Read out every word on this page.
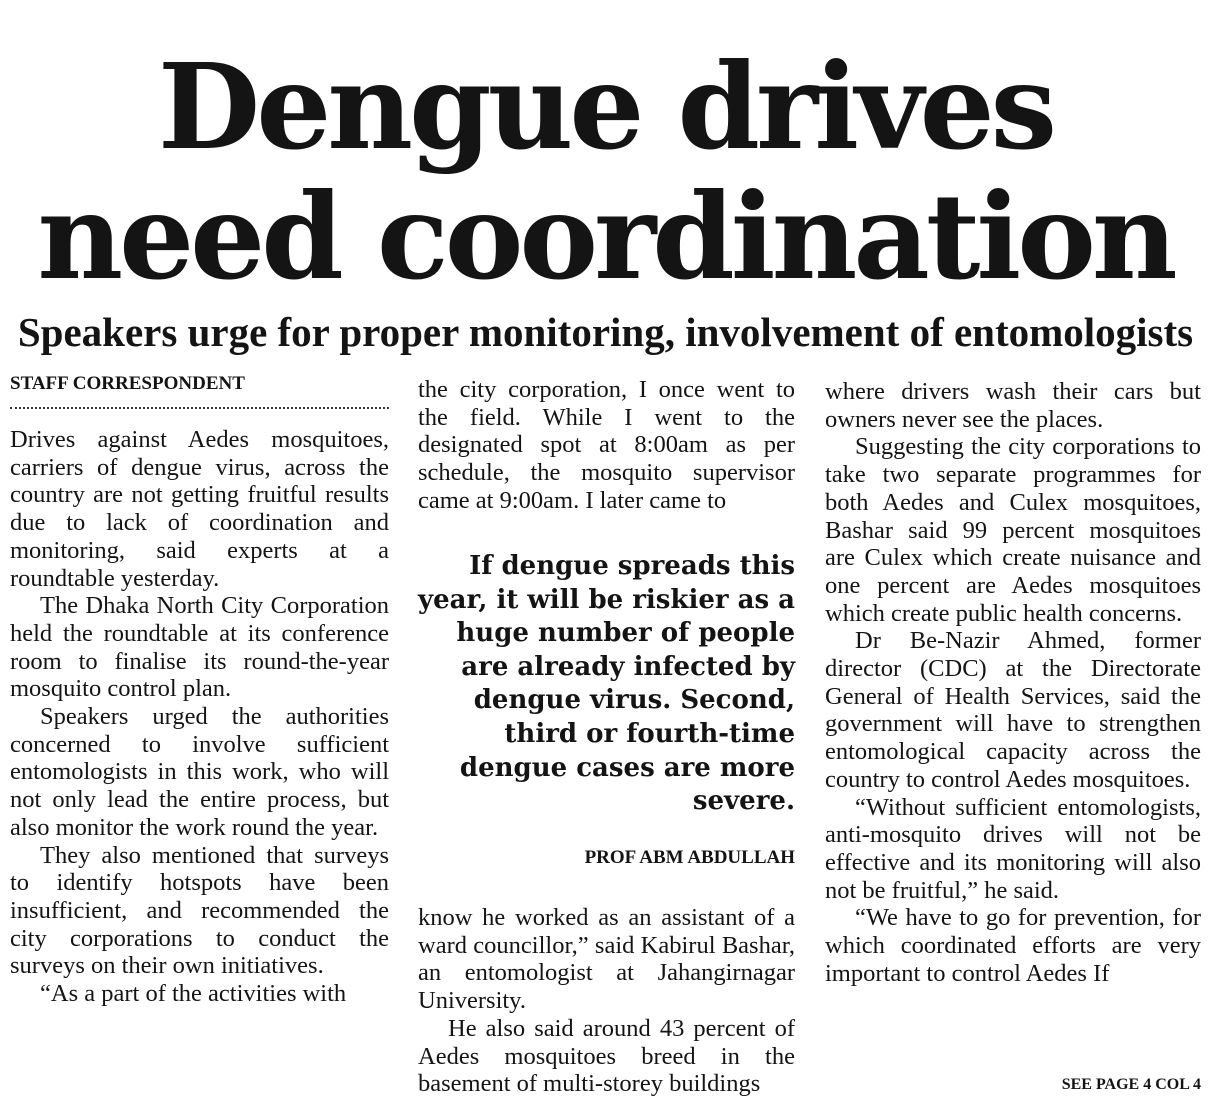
Dengue drives
need coordination
Speakers urge for proper monitoring, involvement of entomologists
STAFF CORRESPONDENT

Drives against Aedes mosquitoes, carriers of dengue virus, across the country are not getting fruitful results due to lack of coordination and monitoring, said experts at a roundtable yesterday.

The Dhaka North City Corporation held the roundtable at its conference room to finalise its round-the-year mosquito control plan.

Speakers urged the authorities concerned to involve sufficient entomologists in this work, who will not only lead the entire process, but also monitor the work round the year.

They also mentioned that surveys to identify hotspots have been insufficient, and recommended the city corporations to conduct the surveys on their own initiatives.

“As a part of the activities with

the city corporation, I once went to the field. While I went to the designated spot at 8:00am as per schedule, the mosquito supervisor came at 9:00am. I later came to

If dengue spreads this year, it will be riskier as a huge number of people are already infected by dengue virus. Second, third or fourth-time dengue cases are more severe.
PROF ABM ABDULLAH

know he worked as an assistant of a ward councillor,” said Kabirul Bashar, an entomologist at Jahangirnagar University.

He also said around 43 percent of Aedes mosquitoes breed in the basement of multi-storey buildings

where drivers wash their cars but owners never see the places.

Suggesting the city corporations to take two separate programmes for both Aedes and Culex mosquitoes, Bashar said 99 percent mosquitoes are Culex which create nuisance and one percent are Aedes mosquitoes which create public health concerns.

Dr Be-Nazir Ahmed, former director (CDC) at the Directorate General of Health Services, said the government will have to strengthen entomological capacity across the country to control Aedes mosquitoes.

“Without sufficient entomologists, anti-mosquito drives will not be effective and its monitoring will also not be fruitful,” he said.

“We have to go for prevention, for which coordinated efforts are very important to control Aedes If

SEE PAGE 4 COL 4
